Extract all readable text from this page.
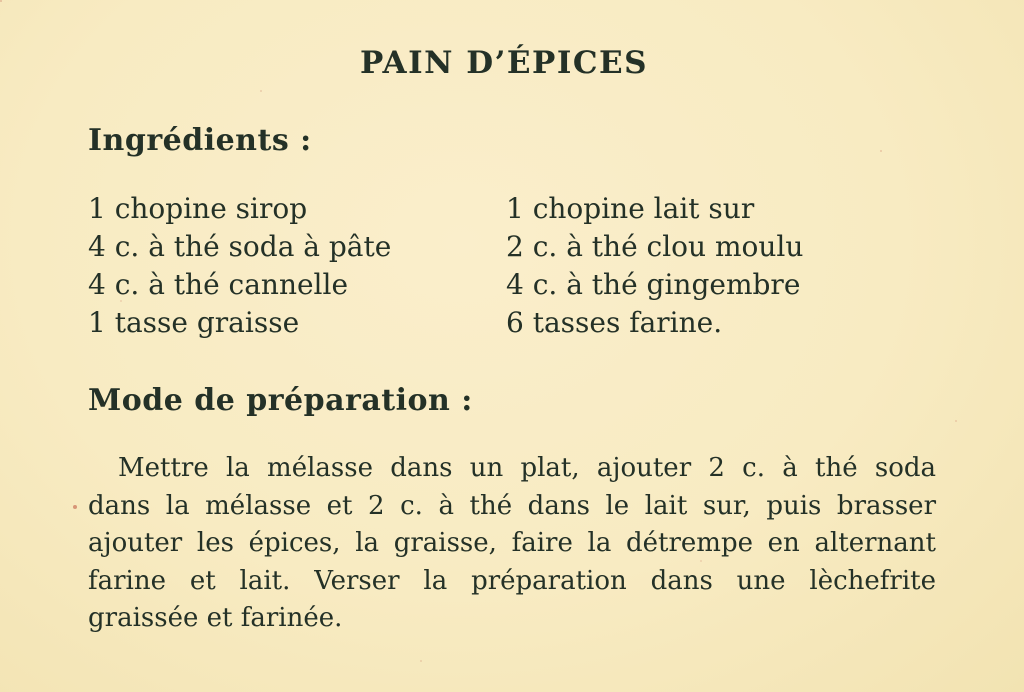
PAIN D’ÉPICES
Ingrédients :

1 chopine sirop

4 c. à thé soda à pâte

4 c. à thé cannelle

1 tasse graisse

1 chopine lait sur

2 c. à thé clou moulu

4 c. à thé gingembre

6 tasses farine.

Mode de préparation :
Mettre la mélasse dans un plat, ajouter 2 c. à thé soda
dans la mélasse et 2 c. à thé dans le lait sur, puis brasser
ajouter les épices, la graisse, faire la détrempe en alternant
farine et lait. Verser la préparation dans une lèchefrite
graissée et farinée.
